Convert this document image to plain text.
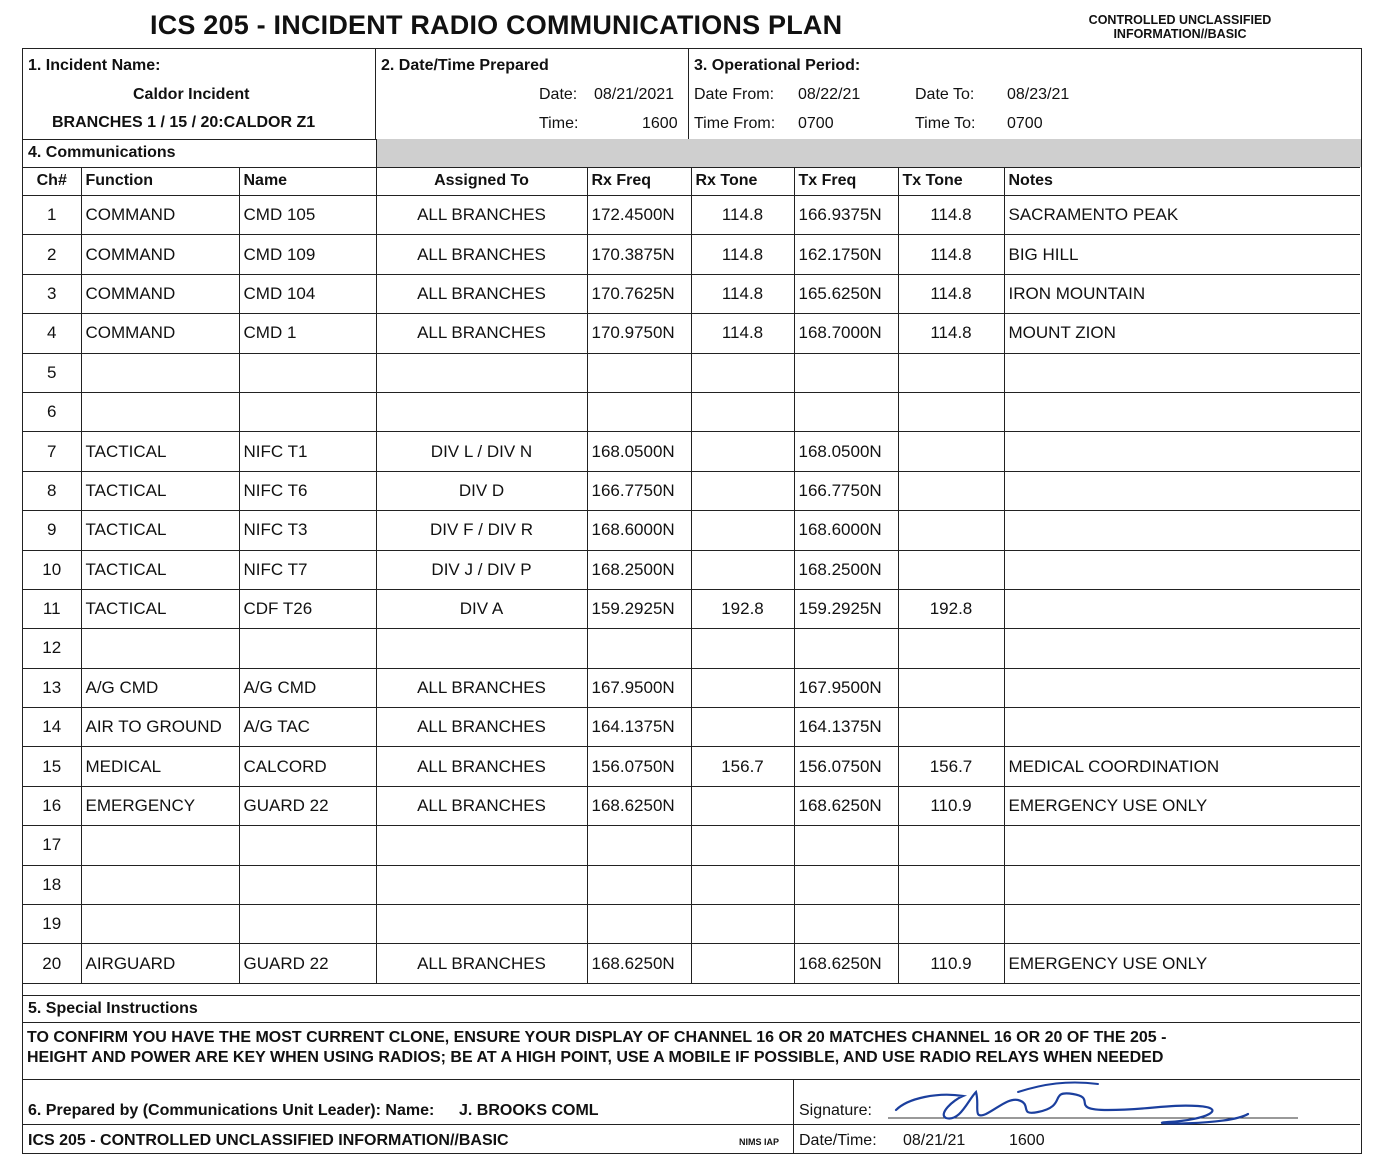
ICS 205 - INCIDENT RADIO COMMUNICATIONS PLAN	CONTROLLED UNCLASSIFIED
INFORMATION//BASIC
1. Incident Name:
Caldor Incident
BRANCHES 1 / 15 / 20:CALDOR Z1
2. Date/Time Prepared
Date: 08/21/2021
Time:	1600
3. Operational Period:
Date From: 08/22/21	Date To: 08/23/21
Time From: 0700	Time To: 0700
4. Communications
Ch#	Function	Name	Assigned To	Rx Freq	Rx Tone	Tx Freq	Tx Tone	Notes
1	COMMAND	CMD 105	ALL BRANCHES	172.4500N	114.8	166.9375N	114.8	SACRAMENTO PEAK
2	COMMAND	CMD 109	ALL BRANCHES	170.3875N	114.8	162.1750N	114.8	BIG HILL
3	COMMAND	CMD 104	ALL BRANCHES	170.7625N	114.8	165.6250N	114.8	IRON MOUNTAIN
4	COMMAND	CMD 1	ALL BRANCHES	170.9750N	114.8	168.7000N	114.8	MOUNT ZION
5								
6								
7	TACTICAL	NIFC T1	DIV L / DIV N	168.0500N		168.0500N		
8	TACTICAL	NIFC T6	DIV D	166.7750N		166.7750N		
9	TACTICAL	NIFC T3	DIV F / DIV R	168.6000N		168.6000N		
10	TACTICAL	NIFC T7	DIV J / DIV P	168.2500N		168.2500N		
11	TACTICAL	CDF T26	DIV A	159.2925N	192.8	159.2925N	192.8	
12								
13	A/G CMD	A/G CMD	ALL BRANCHES	167.9500N		167.9500N		
14	AIR TO GROUND	A/G TAC	ALL BRANCHES	164.1375N		164.1375N		
15	MEDICAL	CALCORD	ALL BRANCHES	156.0750N	156.7	156.0750N	156.7	MEDICAL COORDINATION
16	EMERGENCY	GUARD 22	ALL BRANCHES	168.6250N		168.6250N	110.9	EMERGENCY USE ONLY
17								
18								
19								
20	AIRGUARD	GUARD 22	ALL BRANCHES	168.6250N		168.6250N	110.9	EMERGENCY USE ONLY
5. Special Instructions
TO CONFIRM YOU HAVE THE MOST CURRENT CLONE, ENSURE YOUR DISPLAY OF CHANNEL 16 OR 20 MATCHES CHANNEL 16 OR 20 OF THE 205 -
HEIGHT AND POWER ARE KEY WHEN USING RADIOS; BE AT A HIGH POINT, USE A MOBILE IF POSSIBLE, AND USE RADIO RELAYS WHEN NEEDED
6. Prepared by (Communications Unit Leader): Name: J. BROOKS COML	Signature:
ICS 205 - CONTROLLED UNCLASSIFIED INFORMATION//BASIC	NIMS IAP Date/Time: 08/21/21	1600
